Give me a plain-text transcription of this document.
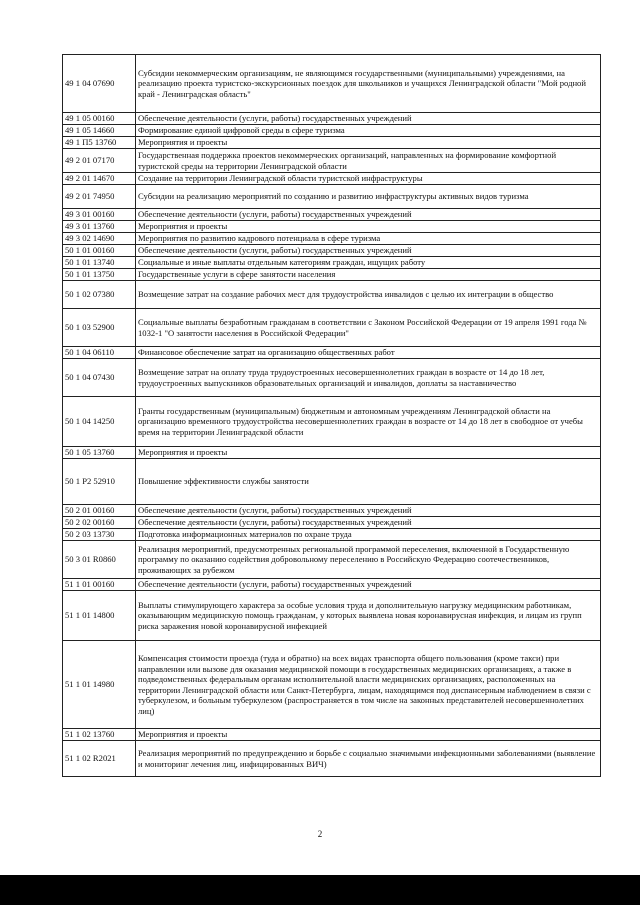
49 1 04 07690	Субсидии некоммерческим организациям, не являющимся государственными (муниципальными) учреждениями, на реализацию проекта туристско-экскурсионных поездок для школьников и учащихся Ленинградской области "Мой родной край - Ленинградская область"
49 1 05 00160	Обеспечение деятельности (услуги, работы) государственных учреждений
49 1 05 14660	Формирование единой цифровой среды в сфере туризма
49 1 П5 13760	Мероприятия и проекты
49 2 01 07170	Государственная поддержка проектов некоммерческих организаций, направленных на формирование комфортной туристской среды на территории Ленинградской области
49 2 01 14670	Создание на территории Ленинградской области туристской инфраструктуры
49 2 01 74950	Субсидии на реализацию мероприятий по созданию и развитию инфраструктуры активных видов туризма
49 3 01 00160	Обеспечение деятельности (услуги, работы) государственных учреждений
49 3 01 13760	Мероприятия и проекты
49 3 02 14690	Мероприятия по развитию кадрового потенциала в сфере туризма
50 1 01 00160	Обеспечение деятельности (услуги, работы) государственных учреждений
50 1 01 13740	Социальные и иные выплаты отдельным категориям граждан, ищущих работу
50 1 01 13750	Государственные услуги в сфере занятости населения
50 1 02 07380	Возмещение затрат на создание рабочих мест для трудоустройства инвалидов с целью их интеграции в общество
50 1 03 52900	Социальные выплаты безработным гражданам в соответствии с Законом Российской Федерации от 19 апреля 1991 года № 1032-1 "О занятости населения в Российской Федерации"
50 1 04 06110	Финансовое обеспечение затрат на организацию общественных работ
50 1 04 07430	Возмещение затрат на оплату труда трудоустроенных несовершеннолетних граждан в возрасте от 14 до 18 лет, трудоустроенных выпускников образовательных организаций и инвалидов, доплаты за наставничество
50 1 04 14250	Гранты государственным (муниципальным) бюджетным и автономным учреждениям Ленинградской области на организацию временного трудоустройства несовершеннолетних граждан в возрасте от 14 до 18 лет в свободное от учебы время на территории Ленинградской области
50 1 05 13760	Мероприятия и проекты
50 1 P2 52910	Повышение эффективности службы занятости
50 2 01 00160	Обеспечение деятельности (услуги, работы) государственных учреждений
50 2 02 00160	Обеспечение деятельности (услуги, работы) государственных учреждений
50 2 03 13730	Подготовка информационных материалов по охране труда
50 3 01 R0860	Реализация мероприятий, предусмотренных региональной программой переселения, включенной в Государственную программу по оказанию содействия добровольному переселению в Российскую Федерацию соотечественников, проживающих за рубежом
51 1 01 00160	Обеспечение деятельности (услуги, работы) государственных учреждений
51 1 01 14800	Выплаты стимулирующего характера за особые условия труда и дополнительную нагрузку медицинским работникам, оказывающим медицинскую помощь гражданам, у которых выявлена новая коронавирусная инфекция, и лицам из групп риска заражения новой коронавирусной инфекцией
51 1 01 14980	Компенсация стоимости проезда (туда и обратно) на всех видах транспорта общего пользования (кроме такси) при направлении или вызове для оказания медицинской помощи в государственных медицинских организациях, а также в подведомственных федеральным органам исполнительной власти медицинских организациях, расположенных на территории Ленинградской области или Санкт-Петербурга, лицам, находящимся под диспансерным наблюдением в связи с туберкулезом, и больным туберкулезом (распространяется в том числе на законных представителей несовершеннолетних лиц)
51 1 02 13760	Мероприятия и проекты
51 1 02 R2021	Реализация мероприятий по предупреждению и борьбе с социально значимыми инфекционными заболеваниями (выявление и мониторинг лечения лиц, инфицированных ВИЧ)
2
